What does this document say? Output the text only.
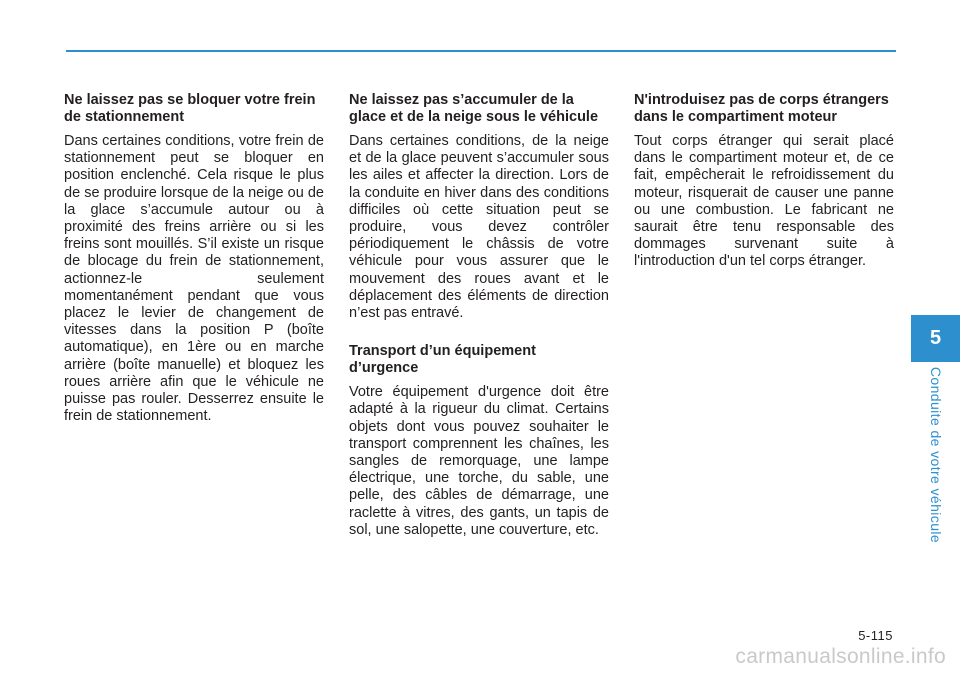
Ne laissez pas se bloquer votre frein de stationnement

Dans certaines conditions, votre frein de stationnement peut se bloquer en position enclenché. Cela risque le plus de se produire lorsque de la neige ou de la glace s’accumule autour ou à proximité des freins arrière ou si les freins sont mouillés. S’il existe un risque de blocage du frein de stationnement, actionnez-le seulement momentanément pendant que vous placez le levier de changement de vitesses dans la position P (boîte automatique), en 1ère ou en marche arrière (boîte manuelle) et bloquez les roues arrière afin que le véhicule ne puisse pas rouler. Desserrez ensuite le frein de stationnement.

Ne laissez pas s’accumuler de la glace et de la neige sous le véhicule

Dans certaines conditions, de la neige et de la glace peuvent s’accumuler sous les ailes et affecter la direction. Lors de la conduite en hiver dans des conditions difficiles où cette situation peut se produire, vous devez contrôler périodiquement le châssis de votre véhicule pour vous assurer que le mouvement des roues avant et le déplacement des éléments de direction n’est pas entravé.

Transport d’un équipement d’urgence

Votre équipement d'urgence doit être adapté à la rigueur du climat. Certains objets dont vous pouvez souhaiter le transport comprennent les chaînes, les sangles de remorquage, une lampe électrique, une torche, du sable, une pelle, des câbles de démarrage, une raclette à vitres, des gants, un tapis de sol, une salopette, une couverture, etc.

N'introduisez pas de corps étrangers dans le compartiment moteur

Tout corps étranger qui serait placé dans le compartiment moteur et, de ce fait, empêcherait le refroidissement du moteur, risquerait de causer une panne ou une combustion. Le fabricant ne saurait être tenu responsable des dommages survenant suite à l'introduction d'un tel corps étranger.

5
Conduite de votre véhicule
5-115
carmanualsonline.info
